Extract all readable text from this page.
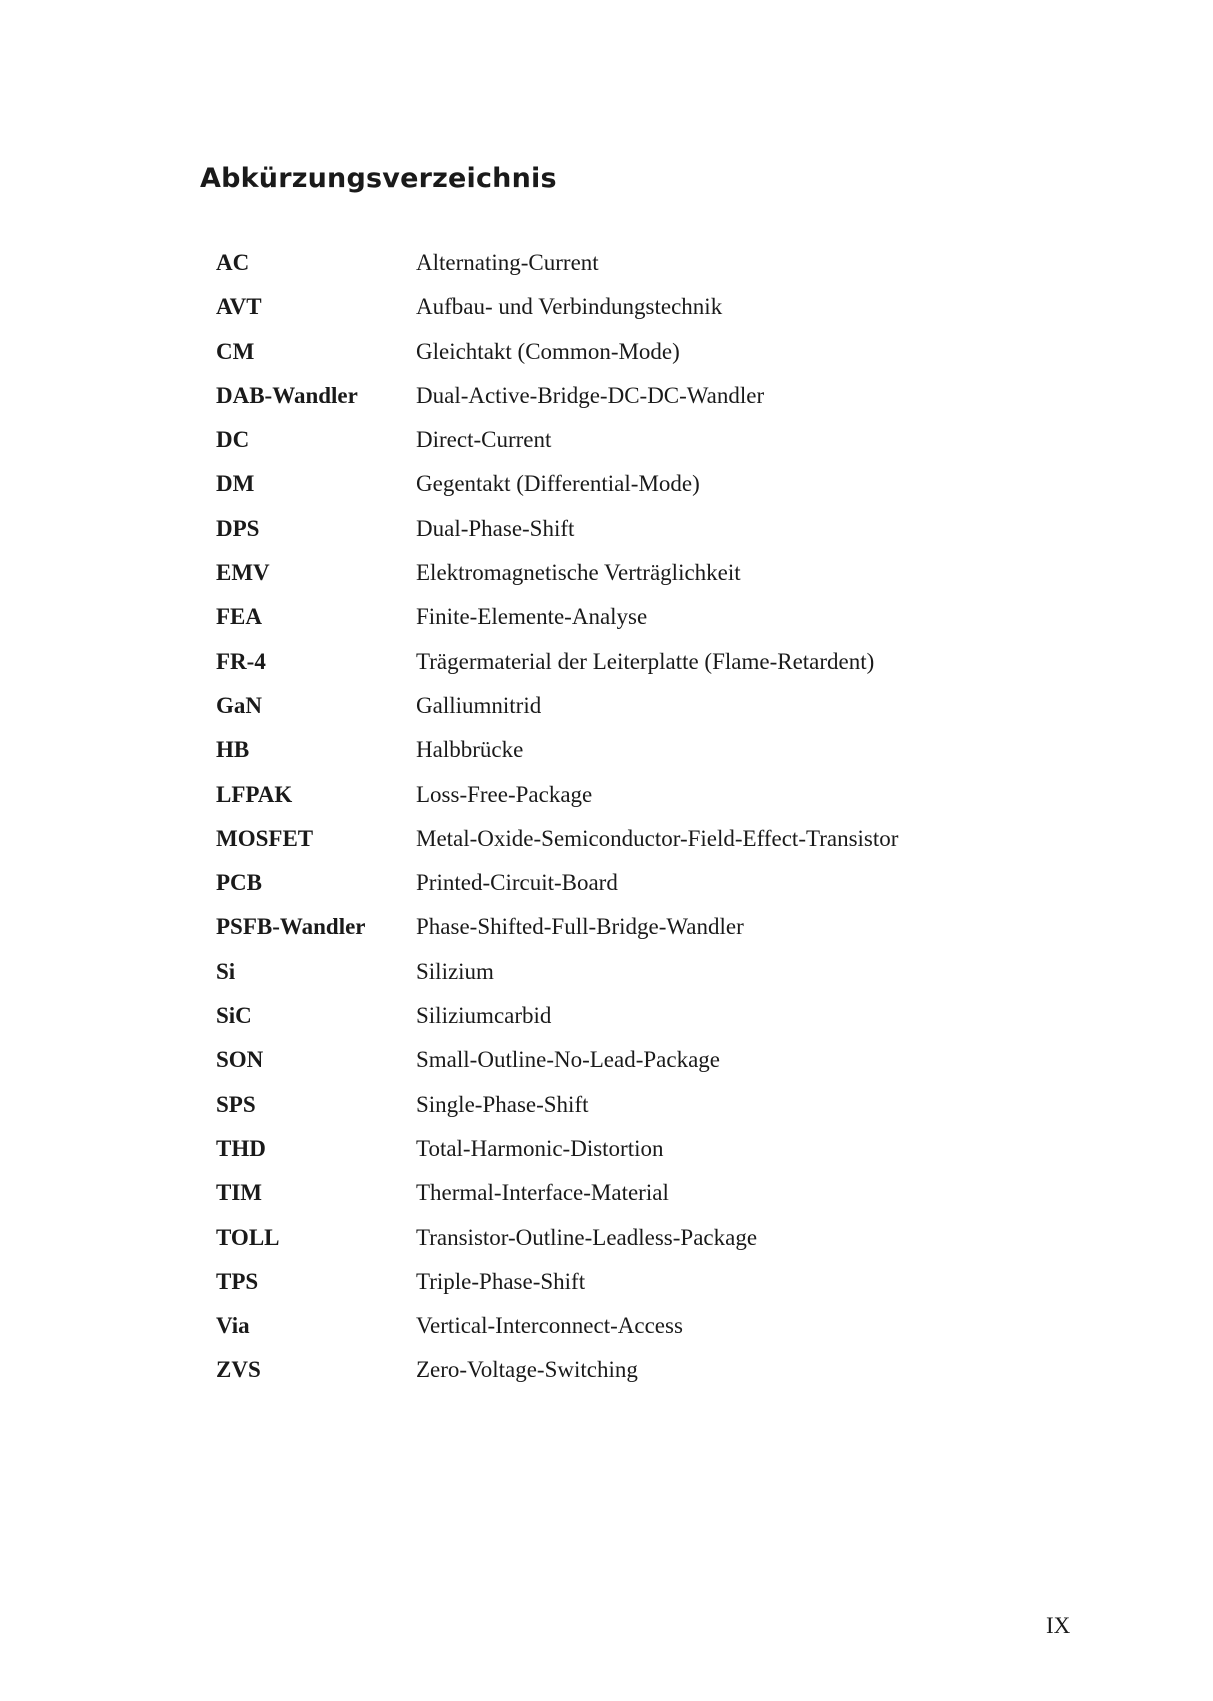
Abkürzungsverzeichnis
AC	Alternating-Current
AVT	Aufbau- und Verbindungstechnik
CM	Gleichtakt (Common-Mode)
DAB-Wandler	Dual-Active-Bridge-DC-DC-Wandler
DC	Direct-Current
DM	Gegentakt (Differential-Mode)
DPS	Dual-Phase-Shift
EMV	Elektromagnetische Verträglichkeit
FEA	Finite-Elemente-Analyse
FR-4	Trägermaterial der Leiterplatte (Flame-Retardent)
GaN	Galliumnitrid
HB	Halbbrücke
LFPAK	Loss-Free-Package
MOSFET	Metal-Oxide-Semiconductor-Field-Effect-Transistor
PCB	Printed-Circuit-Board
PSFB-Wandler	Phase-Shifted-Full-Bridge-Wandler
Si	Silizium
SiC	Siliziumcarbid
SON	Small-Outline-No-Lead-Package
SPS	Single-Phase-Shift
THD	Total-Harmonic-Distortion
TIM	Thermal-Interface-Material
TOLL	Transistor-Outline-Leadless-Package
TPS	Triple-Phase-Shift
Via	Vertical-Interconnect-Access
ZVS	Zero-Voltage-Switching
IX
